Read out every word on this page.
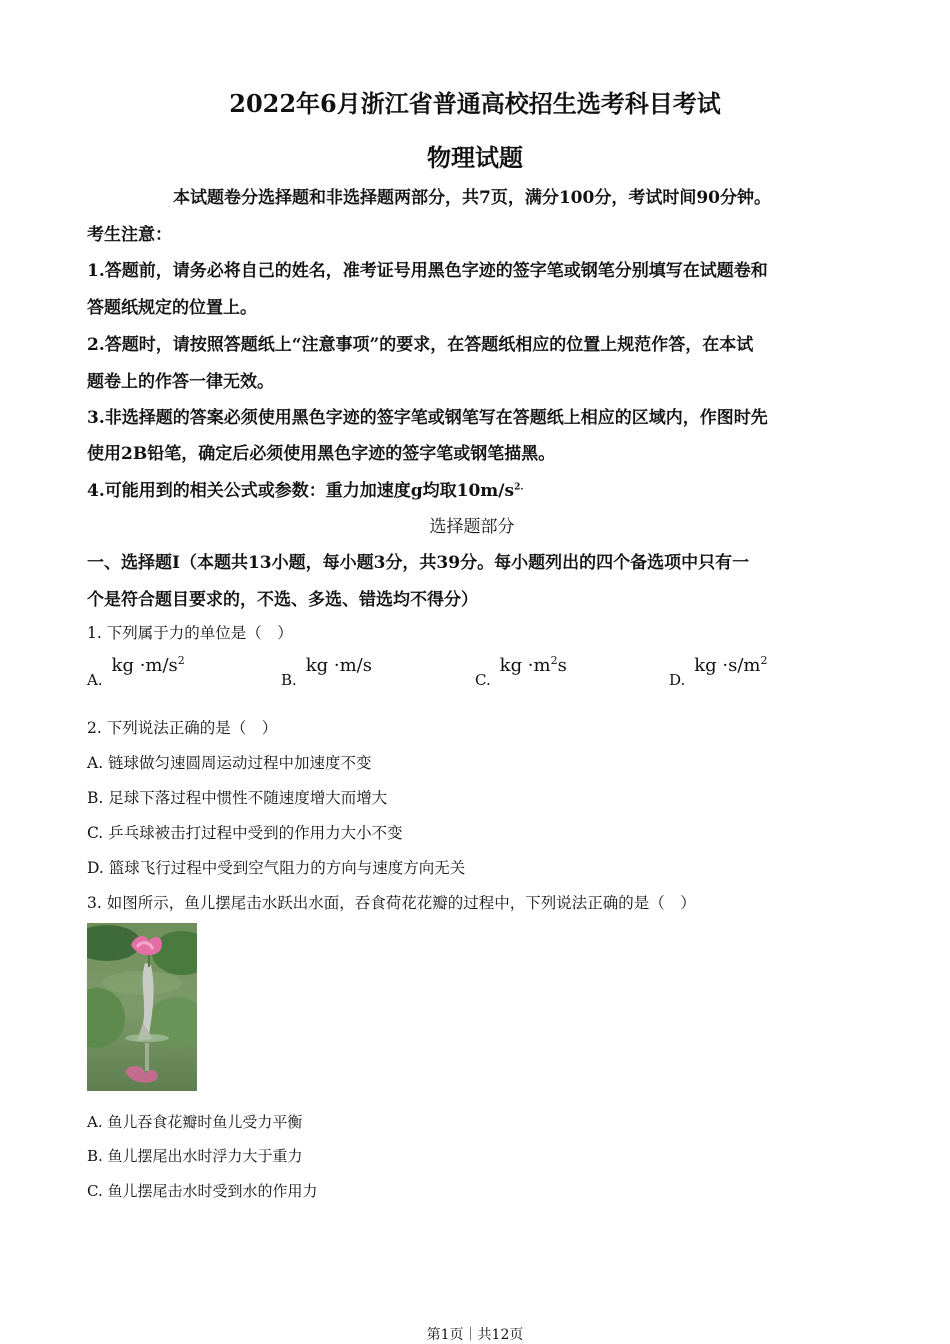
2022年6月浙江省普通高校招生选考科目考试
物理试题
本试题卷分选择题和非选择题两部分，共7页，满分100分，考试时间90分钟。
考生注意：
1.答题前，请务必将自己的姓名，准考证号用黑色字迹的签字笔或钢笔分别填写在试题卷和
答题纸规定的位置上。
2.答题时，请按照答题纸上“注意事项”的要求，在答题纸相应的位置上规范作答，在本试
题卷上的作答一律无效。
3.非选择题的答案必须使用黑色字迹的签字笔或钢笔写在答题纸上相应的区域内，作图时先
使用2B铅笔，确定后必须使用黑色字迹的签字笔或钢笔描黑。
4.可能用到的相关公式或参数：重力加速度g均取$10m/s^{2.}$
选择题部分
一、选择题Ⅰ（本题共13小题，每小题3分，共39分。每小题列出的四个备选项中只有一
个是符合题目要求的，不选、多选、错选均不得分）
1. 下列属于力的单位是（　）
A. kg $\cdot m/s^2$
B. kg ·m/s
C. kg $\cdot m^2s$
D. kg $\cdot s/m^2$
2. 下列说法正确的是（　）
A. 链球做匀速圆周运动过程中加速度不变
B. 足球下落过程中惯性不随速度增大而增大
C. 乒乓球被击打过程中受到的作用力大小不变
D. 篮球飞行过程中受到空气阻力的方向与速度方向无关
3. 如图所示，鱼儿摆尾击水跃出水面，吞食荷花花瓣的过程中，下列说法正确的是（　）
A. 鱼儿吞食花瓣时鱼儿受力平衡
B. 鱼儿摆尾出水时浮力大于重力
C. 鱼儿摆尾击水时受到水的作用力
第1页｜共12页
